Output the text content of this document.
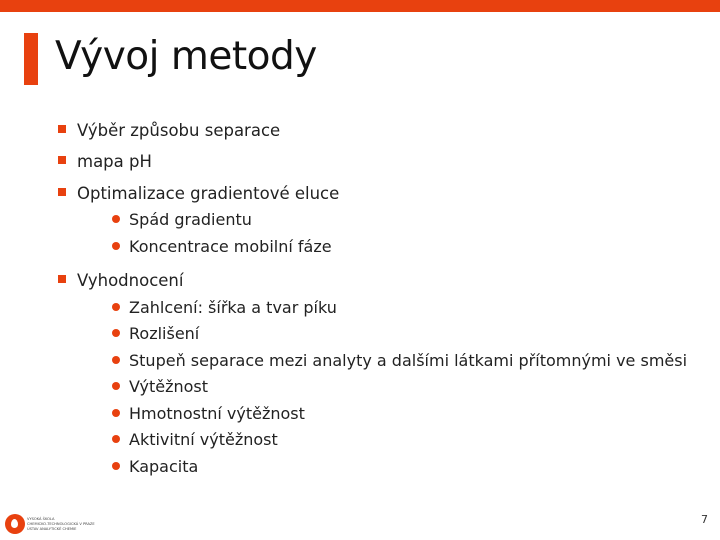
Vývoj metody
Výběr způsobu separace
mapa pH
Optimalizace gradientové eluce
Spád gradientu
Koncentrace mobilní fáze
Vyhodnocení
Zahlcení: šířka a tvar píku
Rozlišení
Stupeň separace mezi analyty a dalšími látkami přítomnými ve směsi
Výtěžnost
Hmotnostní výtěžnost
Aktivitní výtěžnost
Kapacita
VYSOKÁ ŠKOLA
CHEMICKO-TECHNOLOGICKÁ V PRAZE
ÚSTAV ANALYTICKÉ CHEMIE
7
